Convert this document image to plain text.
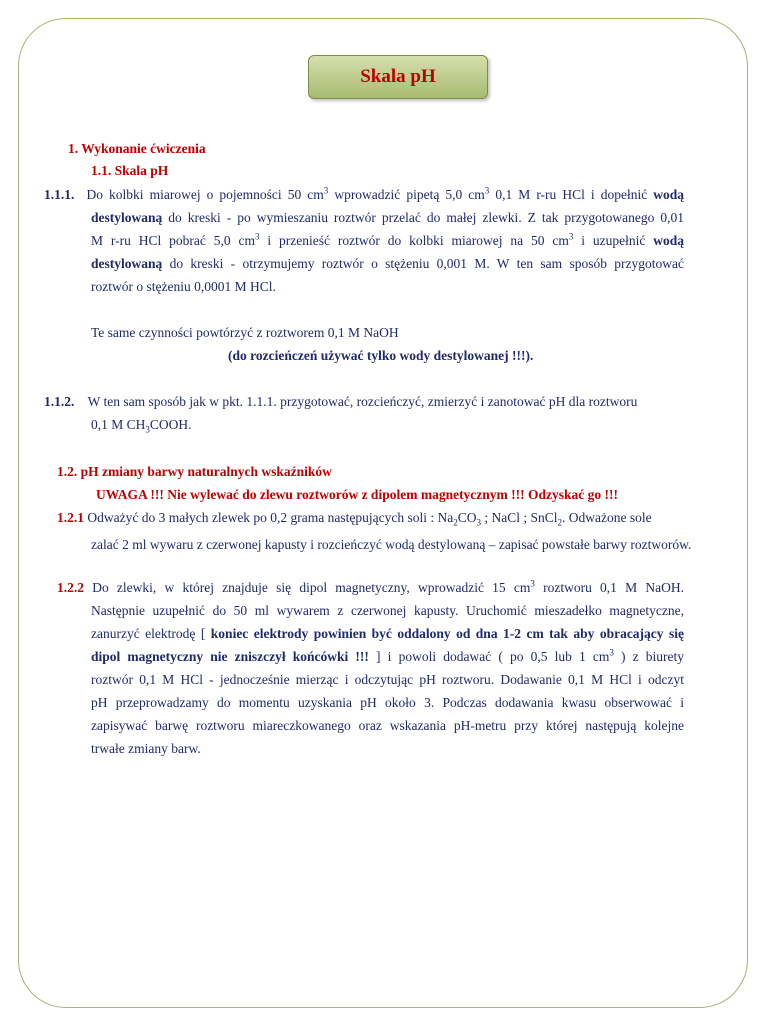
Skala pH
1. Wykonanie ćwiczenia
1.1. Skala pH
1.1.1. Do kolbki miarowej o pojemności 50 $cm^3$ wprowadzić pipetą 5,0 $cm^3$ 0,1 M r-ru HCl i dopełnić wodą
destylowaną do kreski - po wymieszaniu roztwór przelać do małej zlewki. Z tak przygotowanego 0,01
M r-ru HCl pobrać 5,0 $cm^3$ i przenieść roztwór do kolbki miarowej na 50 $cm^3$ i uzupełnić wodą
destylowaną do kreski - otrzymujemy roztwór o stężeniu 0,001 M. W ten sam sposób przygotować
roztwór o stężeniu 0,0001 M HCl.
Te same czynności powtórzyć z roztworem 0,1 M NaOH
(do rozcieńczeń używać tylko wody destylowanej !!!).
1.1.2. W ten sam sposób jak w pkt. 1.1.1. przygotować, rozcieńczyć, zmierzyć i zanotować pH dla roztworu
0,1 M $CH_3COOH$.
1.2. pH zmiany barwy naturalnych wskaźników
UWAGA !!! Nie wylewać do zlewu roztworów z dipolem magnetycznym !!! Odzyskać go !!!
1.2.1 Odważyć do 3 małych zlewek po 0,2 grama następujących soli : $Na_2CO_3$ ; NaCl ; SnCl$_2$. Odważone sole
zalać 2 ml wywaru z czerwonej kapusty i rozcieńczyć wodą destylowaną – zapisać powstałe barwy roztworów.
1.2.2 Do zlewki, w której znajduje się dipol magnetyczny, wprowadzić 15 $cm^3$ roztworu 0,1 M NaOH.
Następnie uzupełnić do 50 ml wywarem z czerwonej kapusty. Uruchomić mieszadełko magnetyczne,
zanurzyć elektrodę [ koniec elektrody powinien być oddalony od dna 1-2 cm tak aby obracający się
dipol magnetyczny nie zniszczył końcówki !!! ] i powoli dodawać ( po 0,5 lub 1 $cm^3$ ) z biurety
roztwór 0,1 M HCl - jednocześnie mierząc i odczytując pH roztworu. Dodawanie 0,1 M HCl i odczyt
pH przeprowadzamy do momentu uzyskania pH około 3. Podczas dodawania kwasu obserwować i
zapisywać barwę roztworu miareczkowanego oraz wskazania pH-metru przy której następują kolejne
trwałe zmiany barw.
